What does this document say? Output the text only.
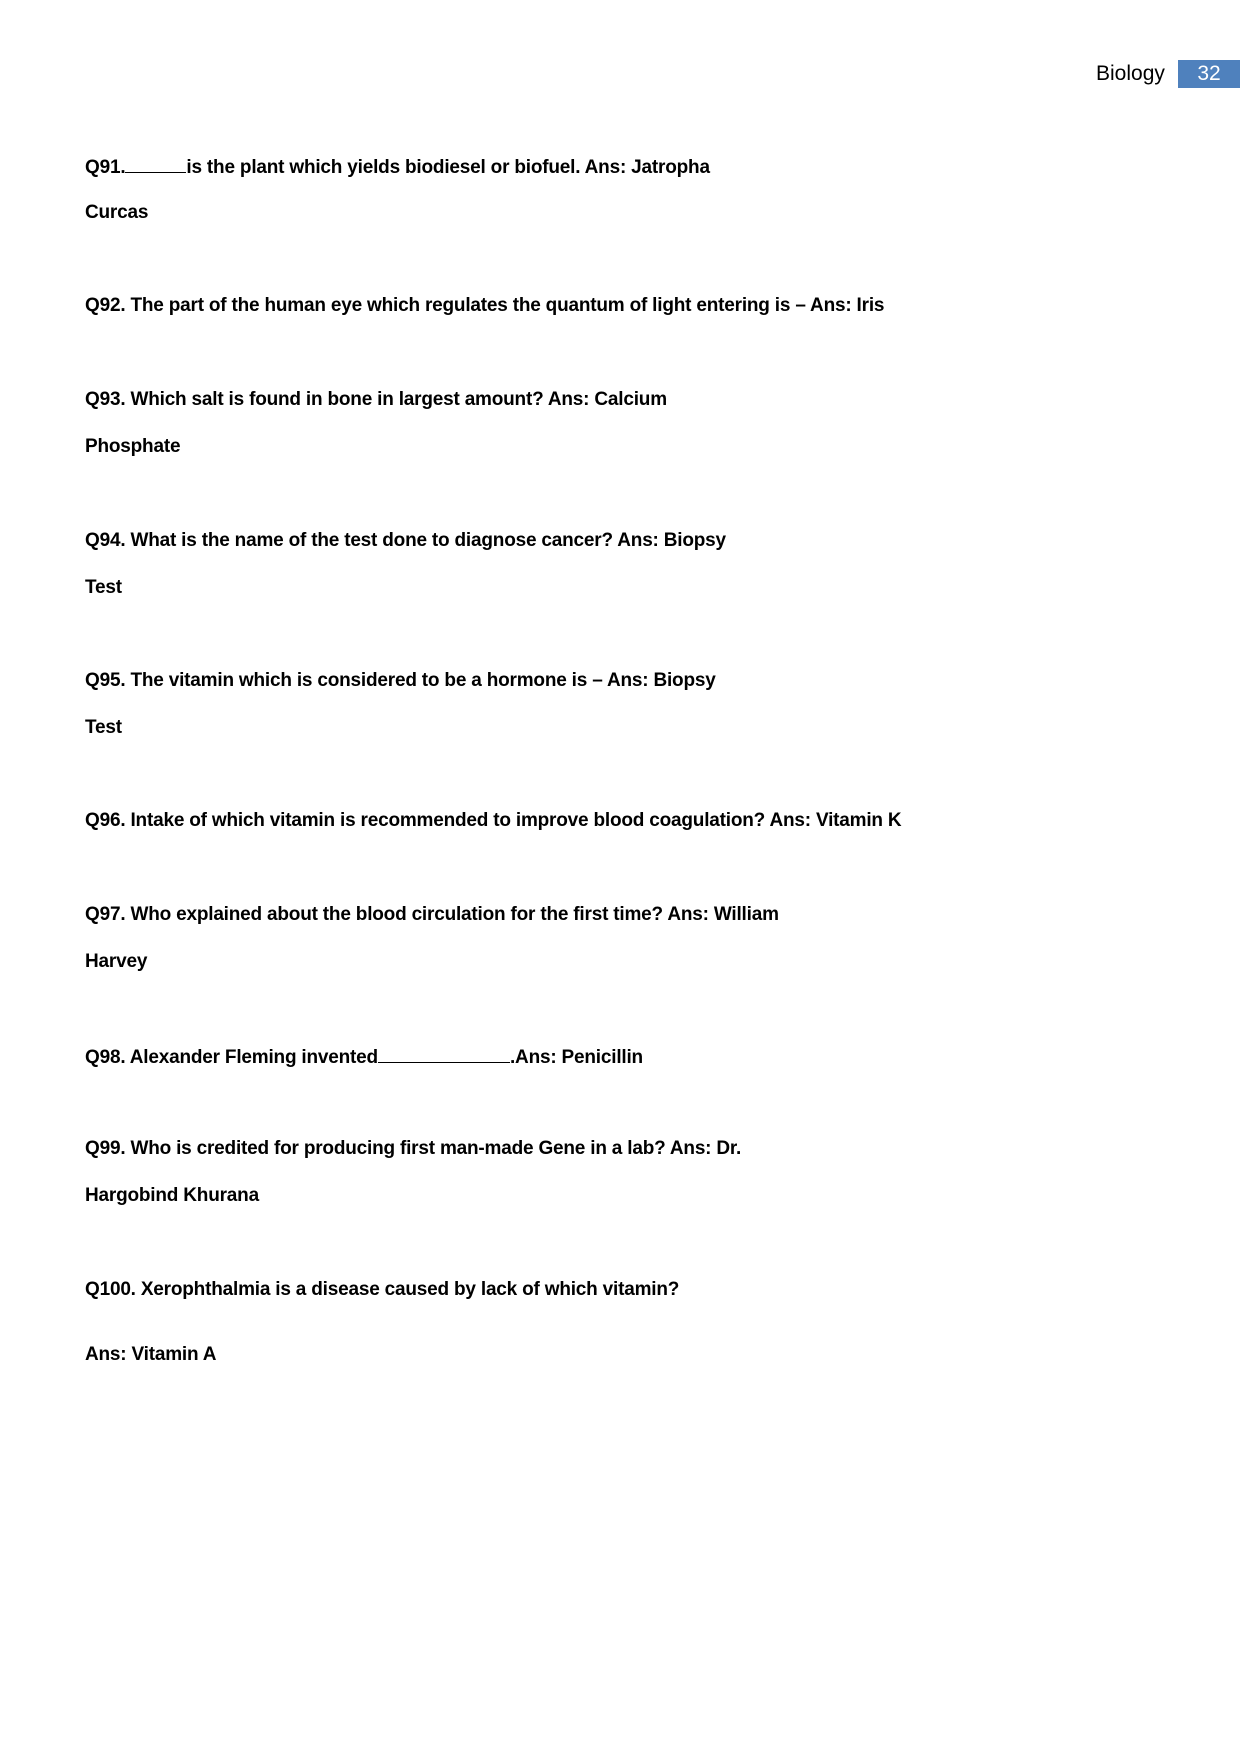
Biology	32
Q91.	is the plant which yields biodiesel or biofuel. Ans: Jatropha
Curcas
Q92. The part of the human eye which regulates the quantum of light entering is – Ans: Iris
Q93. Which salt is found in bone in largest amount? Ans: Calcium
Phosphate
Q94. What is the name of the test done to diagnose cancer? Ans: Biopsy
Test
Q95. The vitamin which is considered to be a hormone is – Ans: Biopsy
Test
Q96. Intake of which vitamin is recommended to improve blood coagulation? Ans: Vitamin K
Q97. Who explained about the blood circulation for the first time? Ans: William
Harvey
Q98. Alexander Fleming invented	.Ans: Penicillin
Q99. Who is credited for producing first man-made Gene in a lab? Ans: Dr.
Hargobind Khurana
Q100. Xerophthalmia is a disease caused by lack of which vitamin?
Ans: Vitamin A
